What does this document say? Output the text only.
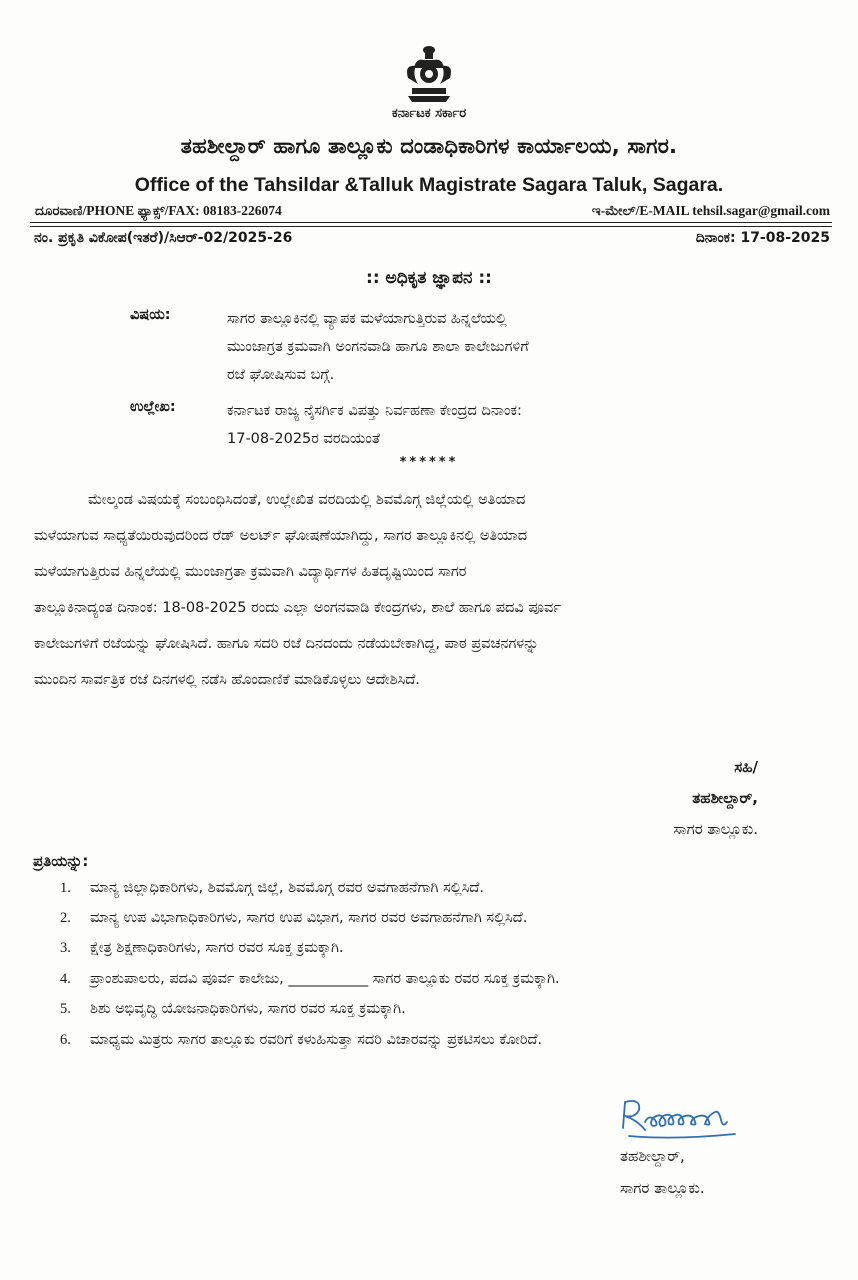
ಕರ್ನಾಟಕ ಸರ್ಕಾರ
ತಹಶೀಲ್ದಾರ್ ಹಾಗೂ ತಾಲ್ಲೂಕು ದಂಡಾಧಿಕಾರಿಗಳ ಕಾರ್ಯಾಲಯ, ಸಾಗರ.
Office of the Tahsildar &Talluk Magistrate Sagara Taluk, Sagara.
ದೂರವಾಣಿ/PHONE ಫ್ಯಾಕ್ಸ್/FAX: 08183-226074	ಇ-ಮೇಲ್/E-MAIL tehsil.sagar@gmail.com
ನಂ. ಪ್ರಕೃತಿ ವಿಕೋಪ(ಇತರೆ)/ಸಿಆರ್-02/2025-26	ದಿನಾಂಕ: 17-08-2025
:: ಅಧಿಕೃತ ಜ್ಞಾಪನ ::
ವಿಷಯ:	ಸಾಗರ ತಾಲ್ಲೂಕಿನಲ್ಲಿ ವ್ಯಾಪಕ ಮಳೆಯಾಗುತ್ತಿರುವ ಹಿನ್ನಲೆಯಲ್ಲಿ
ಮುಂಜಾಗ್ರತ ಕ್ರಮವಾಗಿ ಅಂಗನವಾಡಿ ಹಾಗೂ ಶಾಲಾ ಕಾಲೇಜುಗಳಿಗೆ
ರಜೆ ಘೋಷಿಸುವ ಬಗ್ಗೆ.
ಉಲ್ಲೇಖ:	ಕರ್ನಾಟಕ ರಾಜ್ಯ ನೈಸರ್ಗಿಕ ವಿಪತ್ತು ನಿರ್ವಹಣಾ ಕೇಂದ್ರದ ದಿನಾಂಕ:
17-08-2025ರ ವರದಿಯಂತೆ
******
ಮೇಲ್ಕಂಡ ವಿಷಯಕ್ಕೆ ಸಂಬಂಧಿಸಿದಂತೆ, ಉಲ್ಲೇಖಿತ ವರದಿಯಲ್ಲಿ ಶಿವಮೊಗ್ಗ ಜಿಲ್ಲೆಯಲ್ಲಿ ಅತಿಯಾದ
ಮಳೆಯಾಗುವ ಸಾಧ್ಯತೆಯಿರುವುದರಿಂದ ರೆಡ್ ಅಲರ್ಟ್ ಘೋಷಣೆಯಾಗಿದ್ದು, ಸಾಗರ ತಾಲ್ಲೂಕಿನಲ್ಲಿ ಅತಿಯಾದ
ಮಳೆಯಾಗುತ್ತಿರುವ ಹಿನ್ನಲೆಯಲ್ಲಿ ಮುಂಜಾಗ್ರತಾ ಕ್ರಮವಾಗಿ ವಿದ್ಯಾರ್ಥಿಗಳ ಹಿತದೃಷ್ಟಿಯಿಂದ ಸಾಗರ
ತಾಲ್ಲೂಕಿನಾದ್ಯಂತ ದಿನಾಂಕ: 18-08-2025 ರಂದು ಎಲ್ಲಾ ಅಂಗನವಾಡಿ ಕೇಂದ್ರಗಳು, ಶಾಲೆ ಹಾಗೂ ಪದವಿ ಪೂರ್ವ
ಕಾಲೇಜುಗಳಿಗೆ ರಜೆಯನ್ನು ಘೋಷಿಸಿದೆ. ಹಾಗೂ ಸದರಿ ರಜೆ ದಿನದಂದು ನಡೆಯಬೇಕಾಗಿದ್ದ, ಪಾಠ ಪ್ರವಚನಗಳನ್ನು
ಮುಂದಿನ ಸಾರ್ವತ್ರಿಕ ರಜೆ ದಿನಗಳಲ್ಲಿ ನಡೆಸಿ ಹೊಂದಾಣಿಕೆ ಮಾಡಿಕೊಳ್ಳಲು ಆದೇಶಿಸಿದೆ.
ಸಹಿ/
ತಹಶೀಲ್ದಾರ್,
ಸಾಗರ ತಾಲ್ಲೂಕು.
ಪ್ರತಿಯನ್ನು:
1.	ಮಾನ್ಯ ಜಿಲ್ಲಾಧಿಕಾರಿಗಳು, ಶಿವಮೊಗ್ಗ ಜಿಲ್ಲೆ, ಶಿವಮೊಗ್ಗ ರವರ ಅವಗಾಹನೆಗಾಗಿ ಸಲ್ಲಿಸಿದೆ.
2.	ಮಾನ್ಯ ಉಪ ವಿಭಾಗಾಧಿಕಾರಿಗಳು, ಸಾಗರ ಉಪ ವಿಭಾಗ, ಸಾಗರ ರವರ ಅವಗಾಹನೆಗಾಗಿ ಸಲ್ಲಿಸಿದೆ.
3.	ಕ್ಷೇತ್ರ ಶಿಕ್ಷಣಾಧಿಕಾರಿಗಳು, ಸಾಗರ ರವರ ಸೂಕ್ತ ಕ್ರಮಕ್ಕಾಗಿ.
4.	ಪ್ರಾಂಶುಪಾಲರು, ಪದವಿ ಪೂರ್ವ ಕಾಲೇಜು, ___________ ಸಾಗರ ತಾಲ್ಲೂಕು ರವರ ಸೂಕ್ತ ಕ್ರಮಕ್ಕಾಗಿ.
5.	ಶಿಶು ಅಭಿವೃದ್ಧಿ ಯೋಜನಾಧಿಕಾರಿಗಳು, ಸಾಗರ ರವರ ಸೂಕ್ತ ಕ್ರಮಕ್ಕಾಗಿ.
6.	ಮಾಧ್ಯಮ ಮಿತ್ರರು ಸಾಗರ ತಾಲ್ಲೂಕು ರವರಿಗೆ ಕಳುಹಿಸುತ್ತಾ ಸದರಿ ವಿಚಾರವನ್ನು ಪ್ರಕಟಿಸಲು ಕೋರಿದೆ.
ತಹಶೀಲ್ದಾರ್,
ಸಾಗರ ತಾಲ್ಲೂಕು.
